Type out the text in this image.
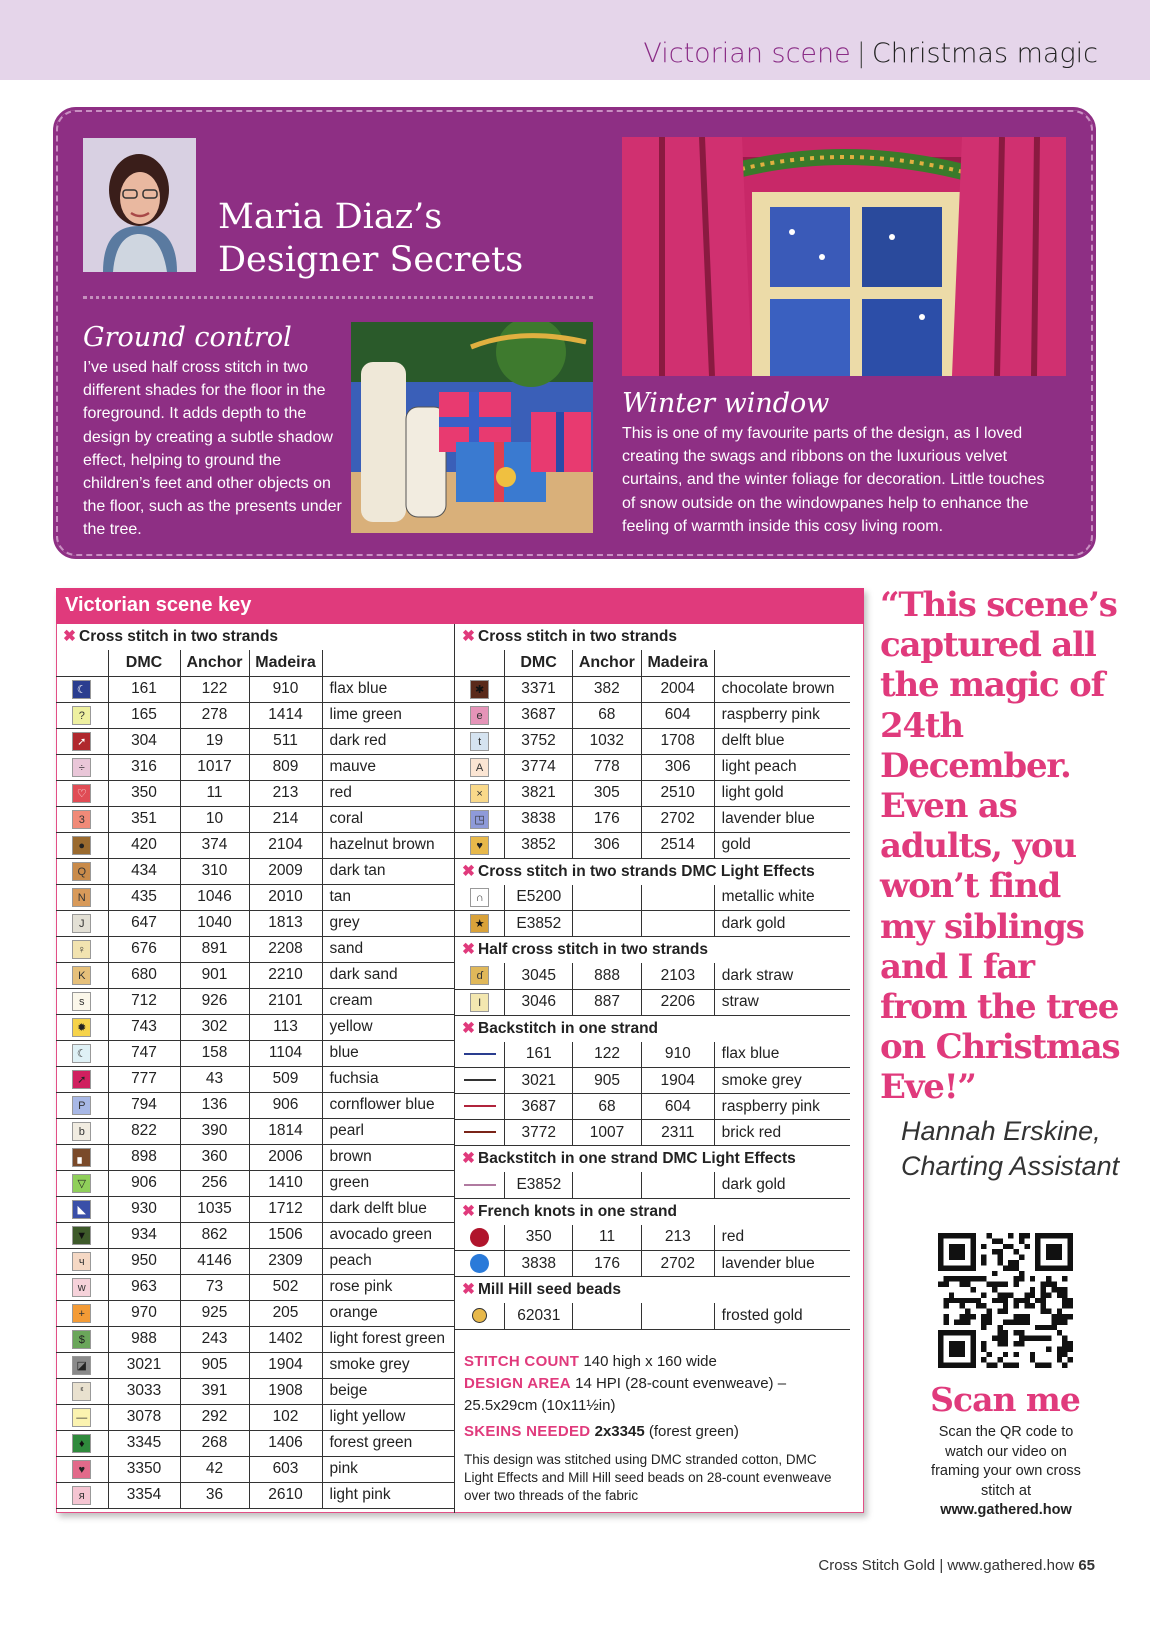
Victorian scene | Christmas magic
Maria Diaz’s
Designer Secrets
Ground control
I’ve used half cross stitch in two different shades for the floor in the foreground. It adds depth to the design by creating a subtle shadow effect, helping to ground the children’s feet and other objects on the floor, such as the presents under the tree.
Winter window
This is one of my favourite parts of the design, as I loved creating the swags and ribbons on the luxurious velvet curtains, and the winter foliage for decoration. Little touches of snow outside on the windowpanes help to enhance the feeling of warmth inside this cosy living room.
Victorian scene key
✖ Cross stitch in two strands
	DMC	Anchor	Madeira	
☾	161	122	910	flax blue
?	165	278	1414	lime green
➚	304	19	511	dark red
÷	316	1017	809	mauve
♡	350	11	213	red
3	351	10	214	coral
●	420	374	2104	hazelnut brown
Q	434	310	2009	dark tan
N	435	1046	2010	tan
J	647	1040	1813	grey
♀	676	891	2208	sand
K	680	901	2210	dark sand
ѕ	712	926	2101	cream
✹	743	302	113	yellow
☾	747	158	1104	blue
➚	777	43	509	fuchsia
P	794	136	906	cornflower blue
b	822	390	1814	pearl
▖	898	360	2006	brown
▽	906	256	1410	green
◣	930	1035	1712	dark delft blue
▼	934	862	1506	avocado green
ч	950	4146	2309	peach
w	963	73	502	rose pink
+	970	925	205	orange
$	988	243	1402	light forest green
◪	3021	905	1904	smoke grey
ᓫ	3033	391	1908	beige
—	3078	292	102	light yellow
♦	3345	268	1406	forest green
♥	3350	42	603	pink
я	3354	36	2610	light pink
✖ Cross stitch in two strands
	DMC	Anchor	Madeira	
✱	3371	382	2004	chocolate brown
e	3687	68	604	raspberry pink
t	3752	1032	1708	delft blue
A	3774	778	306	light peach
×	3821	305	2510	light gold
◳	3838	176	2702	lavender blue
♥	3852	306	2514	gold
✖ Cross stitch in two strands DMC Light Effects
∩	E5200			metallic white
★	E3852			dark gold
✖ Half cross stitch in two strands
ɗ	3045	888	2103	dark straw
I	3046	887	2206	straw
✖ Backstitch in one strand
	161	122	910	flax blue
	3021	905	1904	smoke grey
	3687	68	604	raspberry pink
	3772	1007	2311	brick red
✖ Backstitch in one strand DMC Light Effects
	E3852			dark gold
✖ French knots in one strand
	350	11	213	red
	3838	176	2702	lavender blue
✖ Mill Hill seed beads
	62031			frosted gold
STITCH COUNT 140 high x 160 wide
DESIGN AREA 14 HPI (28-count evenweave) – 25.5x29cm (10x11½in)
SKEINS NEEDED 2x3345 (forest green)
This design was stitched using DMC stranded cotton, DMC Light Effects and Mill Hill seed beads on 28-count evenweave over two threads of the fabric
“This scene’s captured all the magic of 24th December. Even as adults, you won’t find my siblings and I far from the tree on Christmas Eve!”
Hannah Erskine,
Charting Assistant
Scan me
Scan the QR code to watch our video on framing your own cross stitch at
www.gathered.how
Cross Stitch Gold | www.gathered.how 65
